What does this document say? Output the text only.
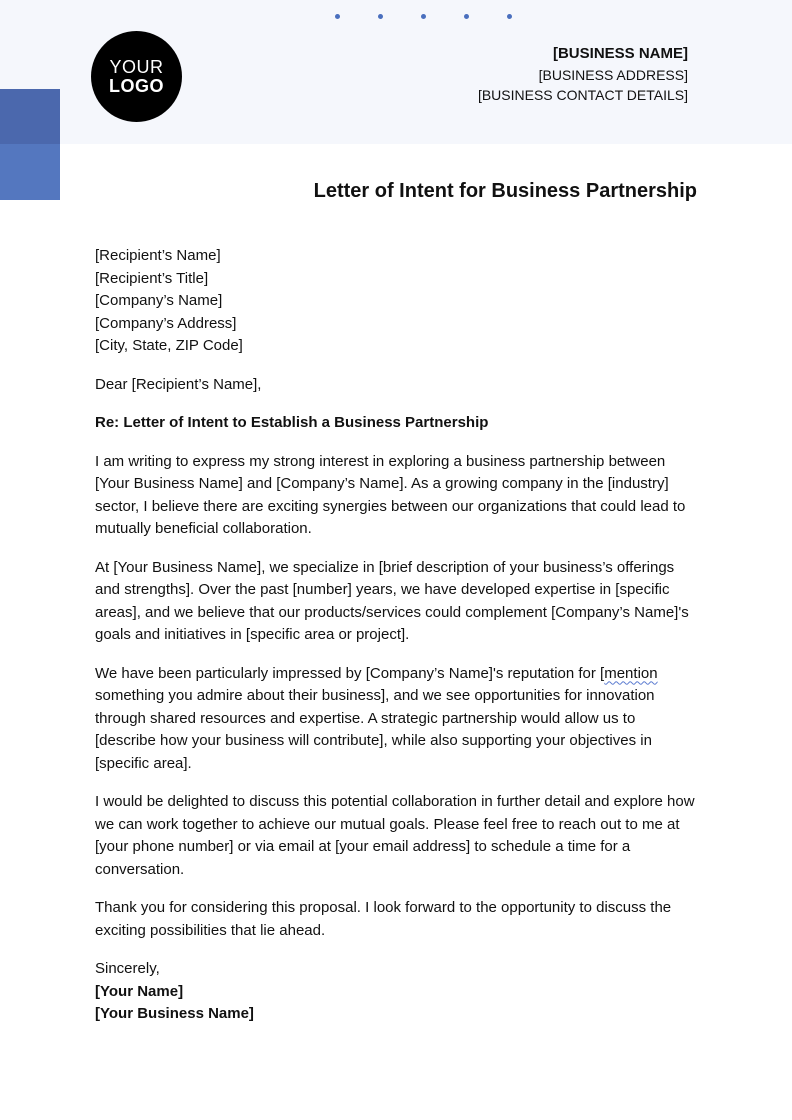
YOUR
LOGO
[BUSINESS NAME]
[BUSINESS ADDRESS]
[BUSINESS CONTACT DETAILS]
Letter of Intent for Business Partnership
[Recipient’s Name]
[Recipient’s Title]
[Company’s Name]
[Company’s Address]
[City, State, ZIP Code]

Dear [Recipient’s Name],

Re: Letter of Intent to Establish a Business Partnership

I am writing to express my strong interest in exploring a business partnership between [Your Business Name] and [Company’s Name]. As a growing company in the [industry] sector, I believe there are exciting synergies between our organizations that could lead to mutually beneficial collaboration.

At [Your Business Name], we specialize in [brief description of your business’s offerings and strengths]. Over the past [number] years, we have developed expertise in [specific areas], and we believe that our products/services could complement [Company’s Name]'s goals and initiatives in [specific area or project].

We have been particularly impressed by [Company’s Name]'s reputation for [mention something you admire about their business], and we see opportunities for innovation through shared resources and expertise. A strategic partnership would allow us to [describe how your business will contribute], while also supporting your objectives in [specific area].

I would be delighted to discuss this potential collaboration in further detail and explore how we can work together to achieve our mutual goals. Please feel free to reach out to me at [your phone number] or via email at [your email address] to schedule a time for a conversation.

Thank you for considering this proposal. I look forward to the opportunity to discuss the exciting possibilities that lie ahead.

Sincerely,
[Your Name]
[Your Business Name]
